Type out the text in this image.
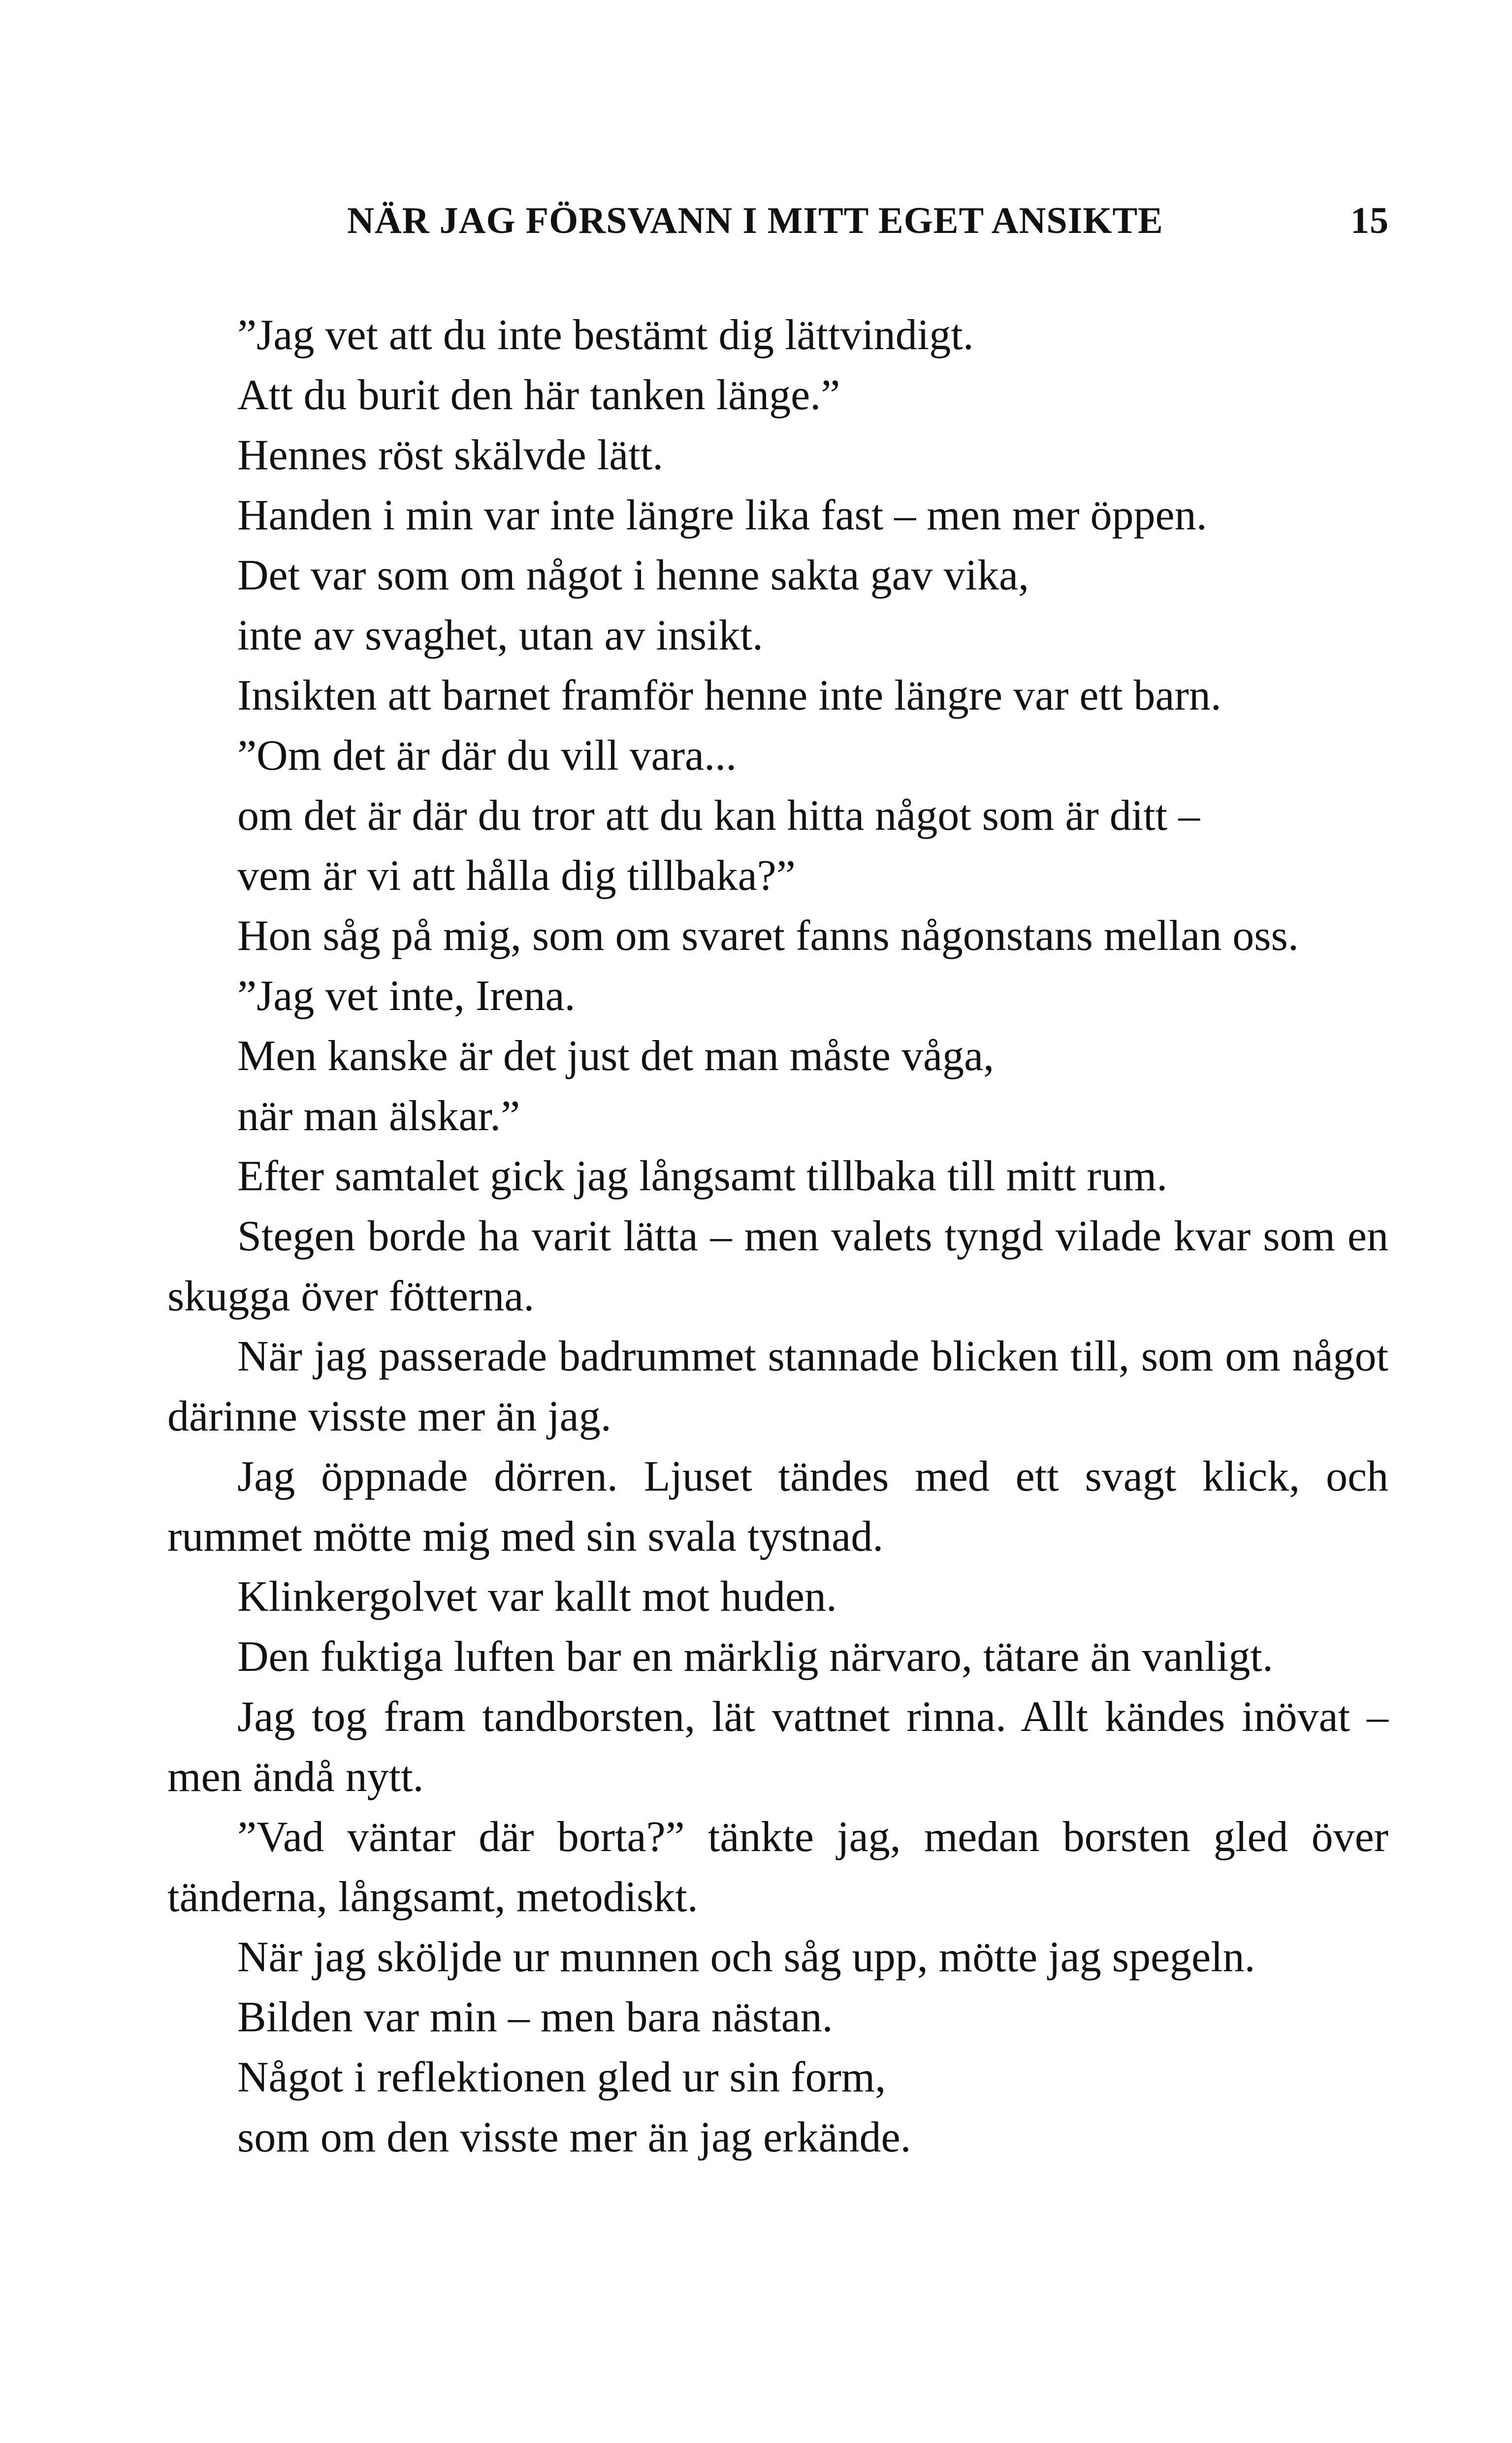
NÄR JAG FÖRSVANN I MITT EGET ANSIKTE	15

”Jag vet att du inte bestämt dig lättvindigt.

Att du burit den här tanken länge.”

Hennes röst skälvde lätt.

Handen i min var inte längre lika fast – men mer öppen.

Det var som om något i henne sakta gav vika,

inte av svaghet, utan av insikt.

Insikten att barnet framför henne inte längre var ett barn.

”Om det är där du vill vara...

om det är där du tror att du kan hitta något som är ditt –

vem är vi att hålla dig tillbaka?”

Hon såg på mig, som om svaret fanns någonstans mellan oss.

”Jag vet inte, Irena.

Men kanske är det just det man måste våga,

när man älskar.”

Efter samtalet gick jag långsamt tillbaka till mitt rum.

Stegen borde ha varit lätta – men valets tyngd vilade kvar som en skugga över fötterna.

När jag passerade badrummet stannade blicken till, som om något därinne visste mer än jag.

Jag öppnade dörren. Ljuset tändes med ett svagt klick, och rummet mötte mig med sin svala tystnad.

Klinkergolvet var kallt mot huden.

Den fuktiga luften bar en märklig närvaro, tätare än vanligt.

Jag tog fram tandborsten, lät vattnet rinna. Allt kändes inövat – men ändå nytt.

”Vad väntar där borta?” tänkte jag, medan borsten gled över tänderna, långsamt, metodiskt.

När jag sköljde ur munnen och såg upp, mötte jag spegeln.

Bilden var min – men bara nästan.

Något i reflektionen gled ur sin form,

som om den visste mer än jag erkände.
